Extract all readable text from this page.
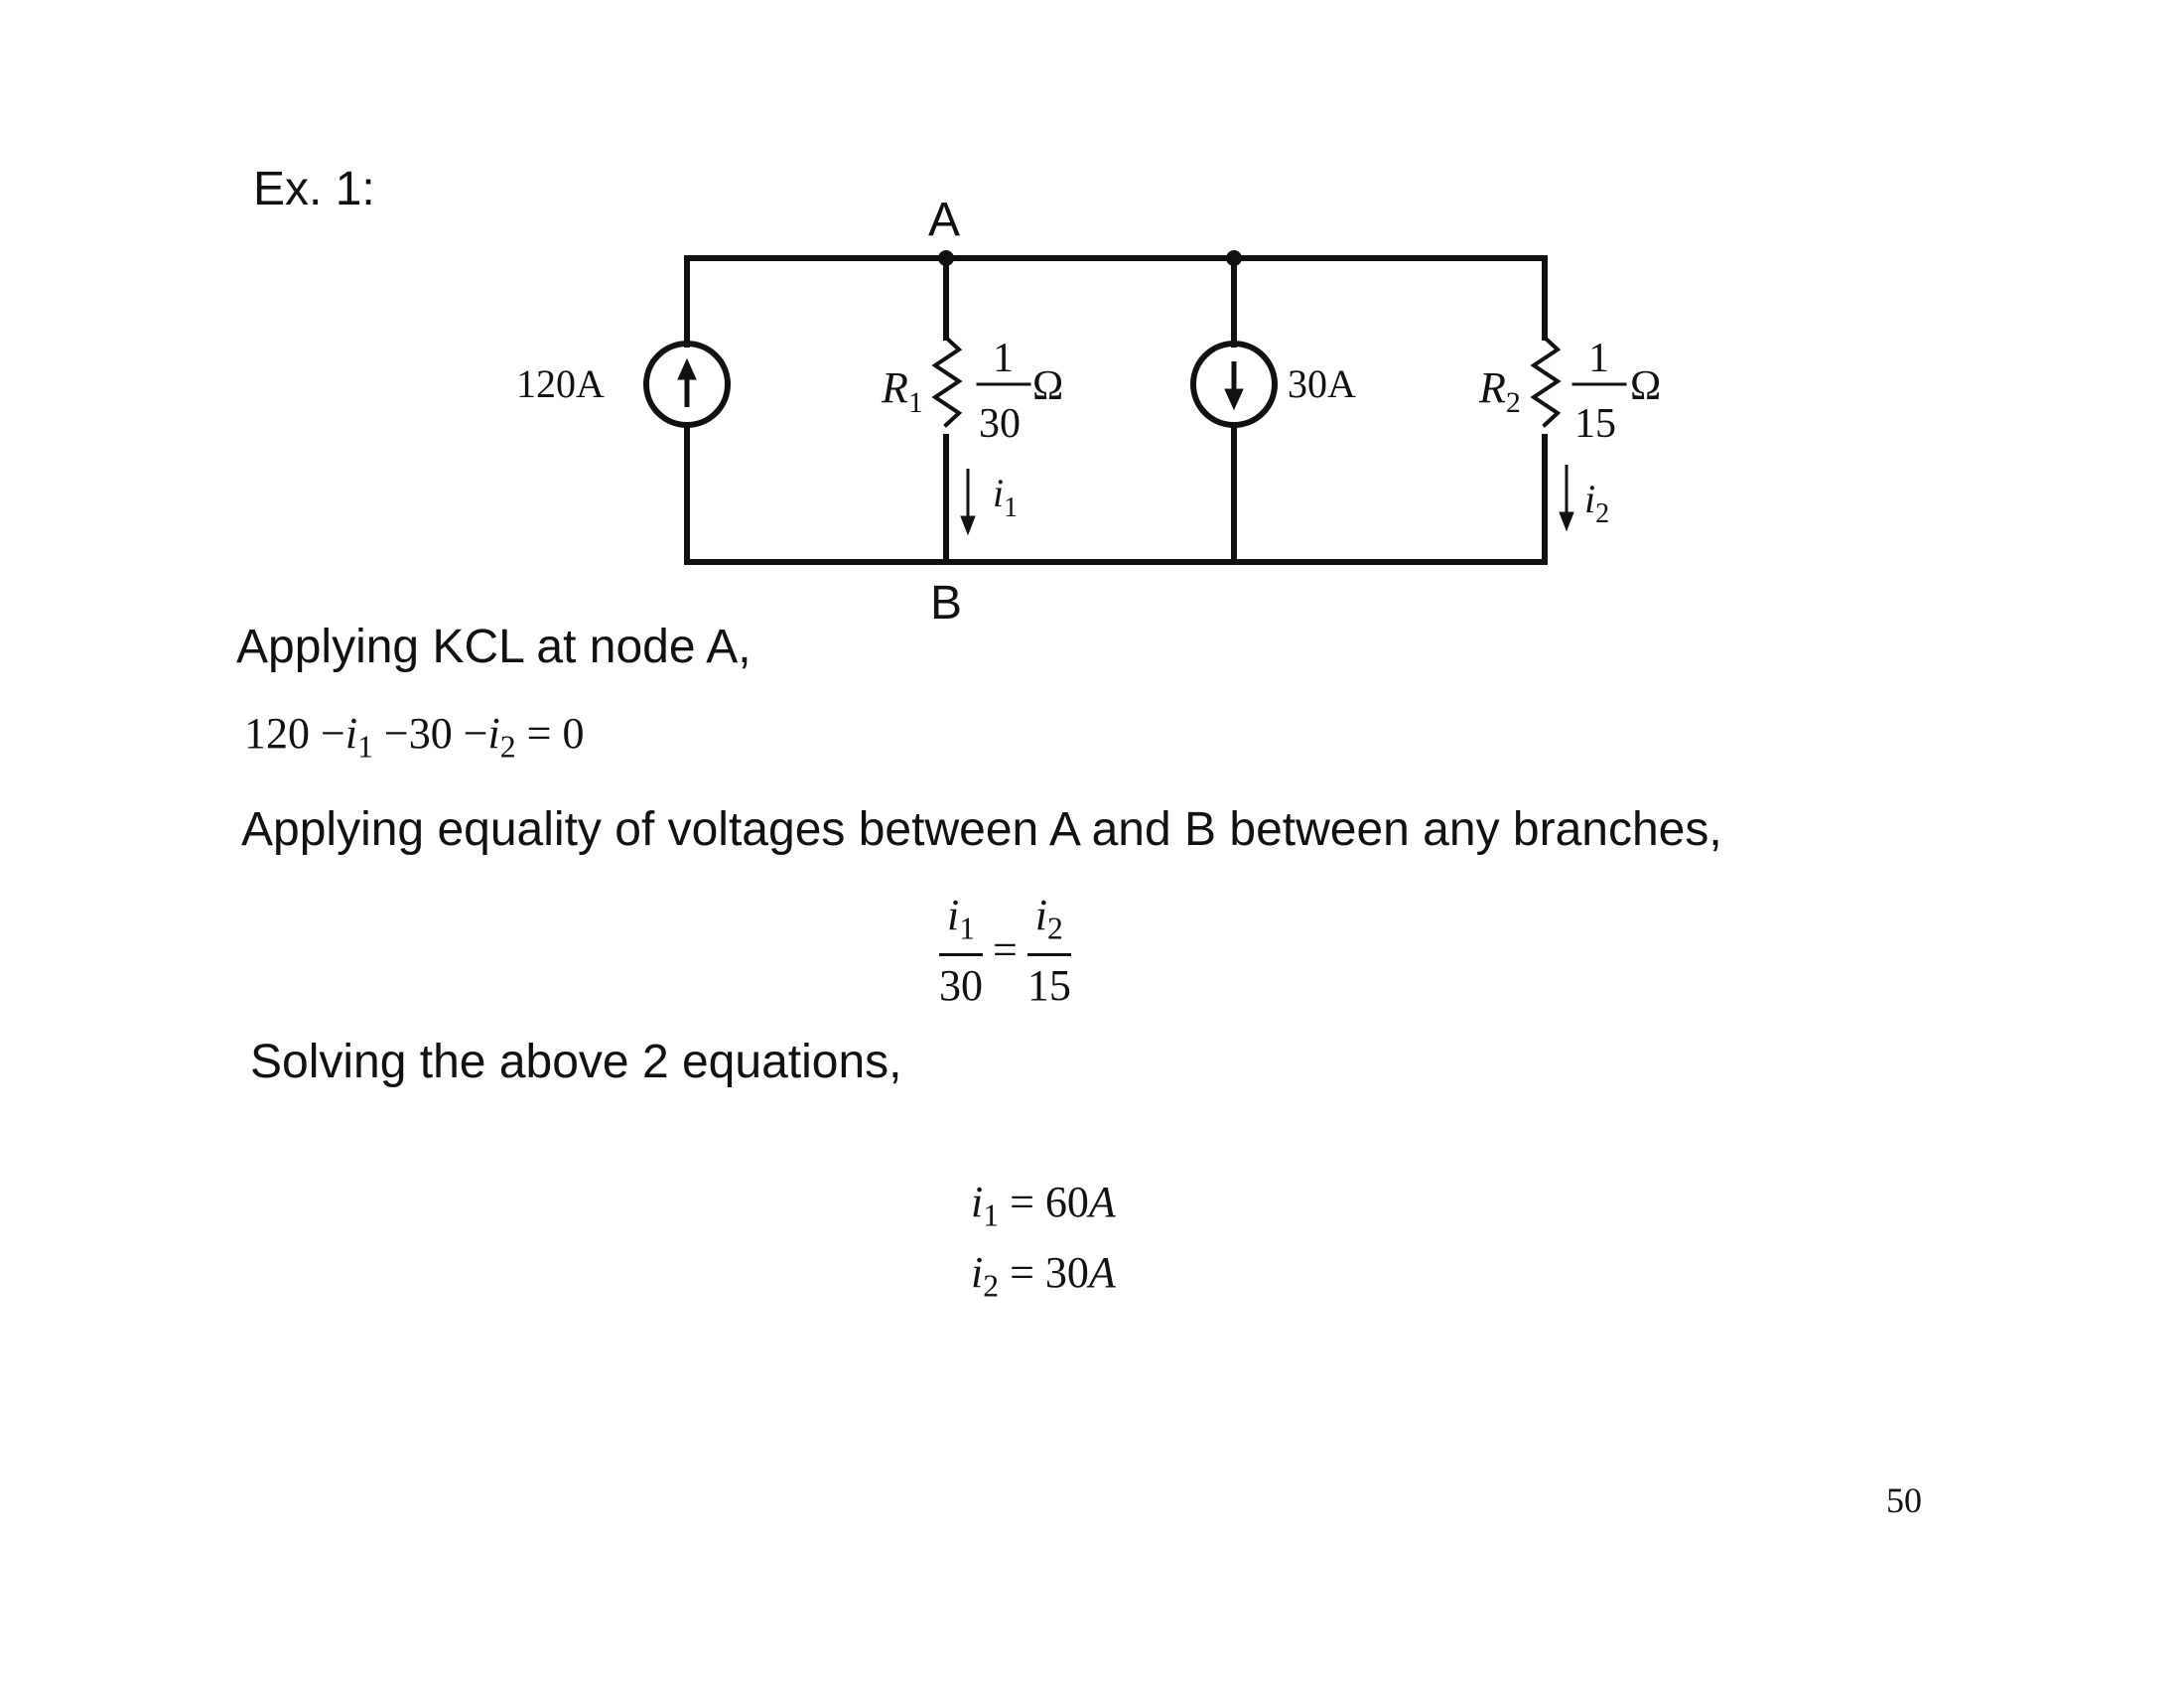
Ex. 1:
A
B
120A	30A
$R_1$
1
30
Ω
$i_1$
$R_2$
1
15
Ω
$i_2$
Applying KCL at node A,
$120 -i_1 -30 -i_2 = 0$
Applying equality of voltages between A and B between any branches,
$\frac{i_1}{30} = \frac{i_2}{15}$
Solving the above 2 equations,
$i_1 = 60A$
$i_2 = 30A$
50
